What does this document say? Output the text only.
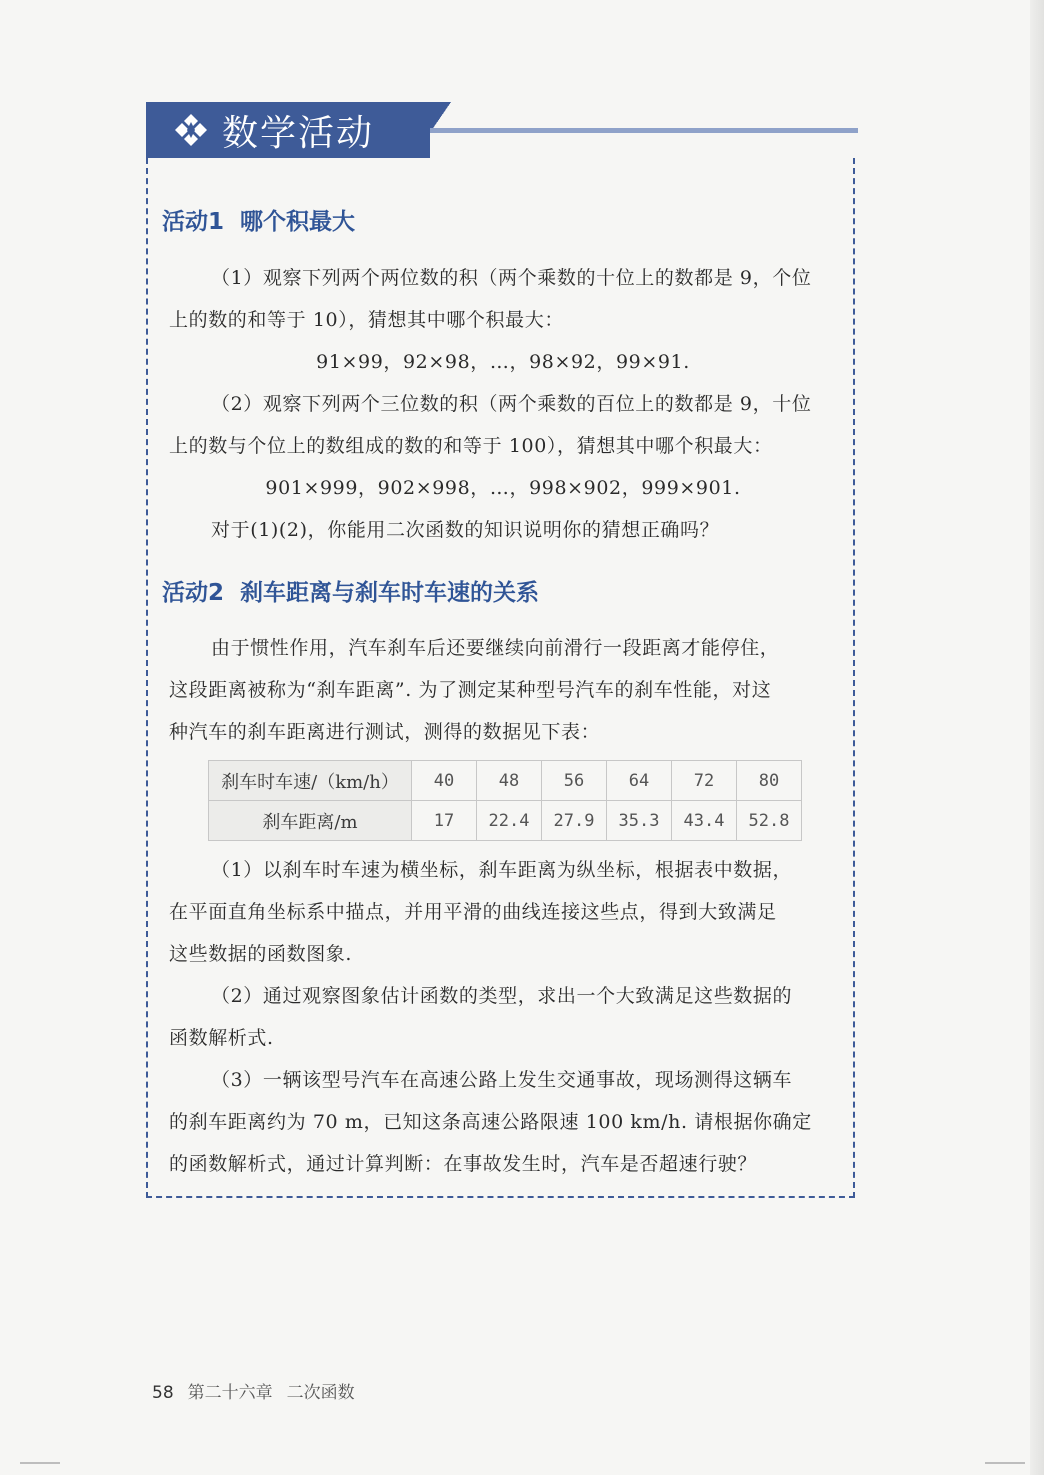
数学活动
活动1 哪个积最大
（1）观察下列两个两位数的积（两个乘数的十位上的数都是 9，个位
上的数的和等于 10），猜想其中哪个积最大：
91×99，92×98，…，98×92，99×91.
（2）观察下列两个三位数的积（两个乘数的百位上的数都是 9，十位
上的数与个位上的数组成的数的和等于 100），猜想其中哪个积最大：
901×999，902×998，…，998×902，999×901.
对于(1)(2)，你能用二次函数的知识说明你的猜想正确吗？
活动2 刹车距离与刹车时车速的关系
由于惯性作用，汽车刹车后还要继续向前滑行一段距离才能停住，
这段距离被称为“刹车距离”. 为了测定某种型号汽车的刹车性能，对这
种汽车的刹车距离进行测试，测得的数据见下表：
刹车时车速/（km/h）	40	48	56	64	72	80
刹车距离/m	17	22.4	27.9	35.3	43.4	52.8
（1）以刹车时车速为横坐标，刹车距离为纵坐标，根据表中数据，
在平面直角坐标系中描点，并用平滑的曲线连接这些点，得到大致满足
这些数据的函数图象.
（2）通过观察图象估计函数的类型，求出一个大致满足这些数据的
函数解析式.
（3）一辆该型号汽车在高速公路上发生交通事故，现场测得这辆车
的刹车距离约为 70 m，已知这条高速公路限速 100 km/h. 请根据你确定
的函数解析式，通过计算判断：在事故发生时，汽车是否超速行驶？
58 第二十六章 二次函数
